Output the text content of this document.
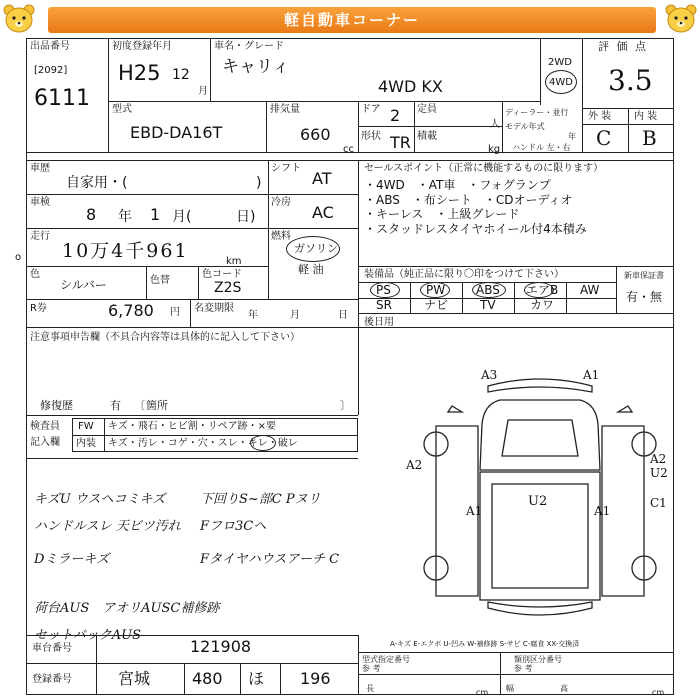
軽自動車コーナー
出品番号
[2092]
6111
初度登録年月
H25 12
月
車名・グレード
キャリィ
4WD KX
2WD
4WD
評 価 点
3.5
型式
EBD-DA16T
排気量
660
cc
ドア 2
形状 TR
定員
人
積載
kg
ディーラー・並行
モデル年式
年
ハンドル 左・右
外 装 内 装
C B
車歴
自家用・(	)
シフト
AT
車検
8 年 1 月(	日)
冷房
AC
走行
10万4千961	km
燃料
ガソリン
軽 油
色
シルバー	色替
色コード
Z2S
R券	6,780 円 名変期限
年	月	日
セールスポイント（正常に機能するものに限ります）
・4WD　・AT車　・フォグランプ
・ABS　・布シート　・CDオーディオ
・キーレス　・上級グレード
・スタッドレスタイヤホイール付4本積み
装備品（純正品に限り〇印をつけて下さい）	新車保証書
有・無
PS	PW	ABS エアB AW
SR	ナビ	TV	カワ
後日用
注意事項申告欄（不具合内容等は具体的に記入して下さい）
修復歴	有 〔 箇所	〕
検査員
記入欄
FW キズ・飛石・ヒビ割・リペア跡・×要
内装 キズ・汚レ・コゲ・穴・スレ・キレ・破レ
キズU ウスヘコミキズ
ハンドルスレ 天ビツ汚れ
Dミラーキズ
荷台AUS　アオリAUSC補修跡
セットバックAUS
下回りS~部C Pヌリ
Fフロ3Cヘ
Fタイヤハウスアーチ C
A3	A1
A2	A2
U2
C1
A1
U2
A1
A-キズ E-エクボ U-凹み W-補修跡 S-サビ C-腐食 XX-交換済
車台番号	121908
登録番号	宮城	480 ほ 196
型式指定番号
参 考
類別区分番号
参 考
長	cm 幅	高	cm
o
